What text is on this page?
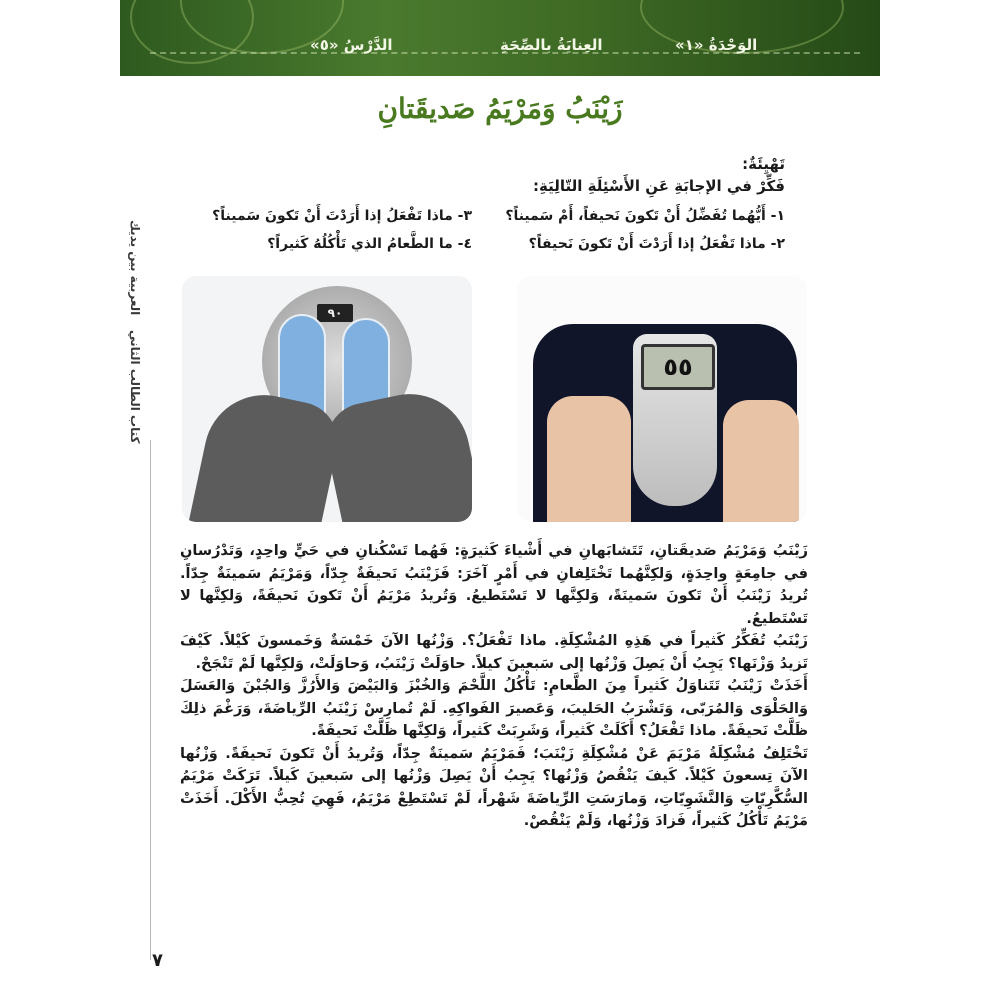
الدَّرْسُ «٥»	العِنايَةُ بالصِّحَةِ	الوَحْدَةُ «١»
العربية بين يديك
كتاب الطالب الثاني
زَيْنَبُ وَمَرْيَمُ صَديقَتانِ
تَهْيِئَةٌ:
فَكِّرْ في الإجابَةِ عَنِ الأَسْئِلَةِ التّالِيَةِ:
١- أَيُّهُما تُفَضِّلُ أَنْ تَكونَ نَحيفاً، أَمْ سَميناً؟
٢- ماذا تَفْعَلُ إذا أَرَدْتَ أَنْ تَكونَ نَحيفاً؟
٣- ماذا تَفْعَلُ إذا أَرَدْتَ أَنْ تَكونَ سَميناً؟
٤- ما الطَّعامُ الذي تَأْكُلُهُ كَثيراً؟
٩٠
٥٥

زَيْنَبُ وَمَرْيَمُ صَديقَتانِ، تَتَشابَهانِ في أَشْياءَ كَثيرَةٍ: فَهُما تَسْكُنانِ في حَيٍّ واحِدٍ، وَتَدْرُسانِ في جامِعَةٍ واحِدَةٍ، وَلكِنَّهُما تَخْتَلِفانِ في أَمْرٍ آخَرَ: فَزَيْنَبُ نَحيفَةٌ جِدّاً، وَمَرْيَمُ سَمينَةٌ جِدّاً. تُريدُ زَيْنَبُ أَنْ تَكونَ سَمينَةً، وَلكِنَّها لا تَسْتَطيعُ. وَتُريدُ مَرْيَمُ أَنْ تَكونَ نَحيفَةً، وَلكِنَّها لا تَسْتَطيعُ.

زَيْنَبُ تُفَكِّرُ كَثيراً في هَذِهِ المُشْكِلَةِ. ماذا تَفْعَلُ؟. وَزْنُها الآنَ خَمْسَةٌ وَخَمسونَ كَيْلاً. كَيْفَ تَزيدُ وَزْنَها؟ يَجِبُ أَنْ يَصِلَ وَزْنُها إلى سَبعينَ كيلاً. حاوَلَتْ زَيْنَبُ، وَحاوَلَتْ، وَلكِنَّها لَمْ تَنْجَحْ.

أَخَذَتْ زَيْنَبُ تَتَناوَلُ كَثيراً مِنَ الطَّعامِ: تَأْكُلُ اللَّحْمَ وَالخُبْزَ وَالبَيْضَ وَالأَرُزَّ وَالجُبْنَ وَالعَسَلَ وَالحَلْوَى وَالمُرَبّى، وَتَشْرَبُ الحَليبَ، وَعَصيرَ الفَواكِهِ. لَمْ تُمارِسْ زَيْنَبُ الرِّياضَةَ، وَرَغْمَ ذلِكَ ظَلَّتْ نَحيفَةً. ماذا تَفْعَلُ؟ أَكَلَتْ كَثيراً، وَشَرِبَتْ كَثيراً، وَلكِنَّها ظَلَّتْ نَحيفَةً.

تَخْتَلِفُ مُشْكِلَةُ مَرْيَمَ عَنْ مُشْكِلَةِ زَيْنَبَ؛ فَمَرْيَمُ سَمينَةٌ جِدّاً، وَتُريدُ أَنْ تَكونَ نَحيفَةً. وَزْنُها الآنَ تِسعونَ كَيْلاً. كَيفَ يَنْقُصُ وَزْنُها؟ يَجِبُ أَنْ يَصِلَ وَزْنُها إلى سَبعينَ كَيلاً. تَرَكَتْ مَرْيَمُ السُّكَّرِيّاتِ وَالنَّشَوِيّاتِ، وَمارَسَتِ الرِّياضَةَ شَهْراً، لَمْ تَسْتَطِعْ مَرْيَمُ، فَهِيَ تُحِبُّ الأَكْلَ. أَخَذَتْ مَرْيَمُ تَأْكُلُ كَثيراً، فَزادَ وَزْنُها، وَلَمْ يَنْقُصْ.

٧
